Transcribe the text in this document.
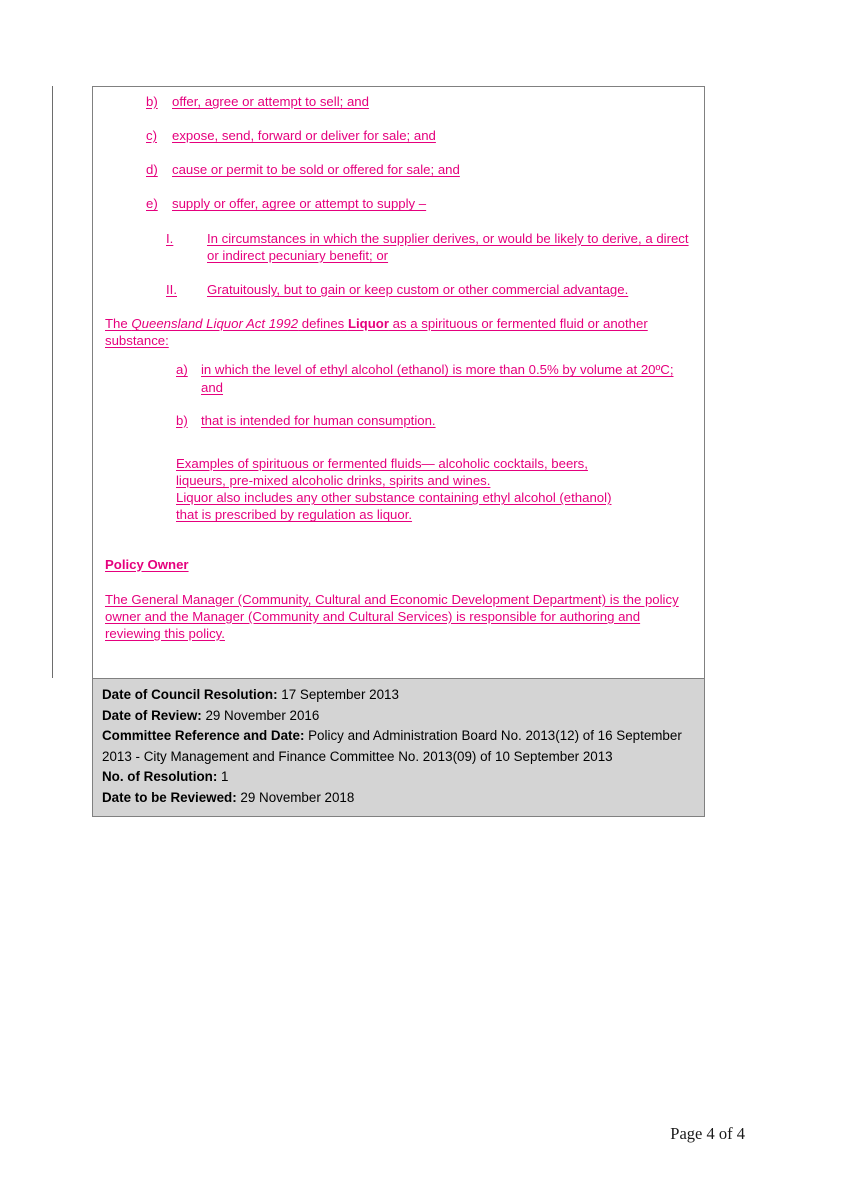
b)	offer, agree or attempt to sell; and
c)	expose, send, forward or deliver for sale; and
d)	cause or permit to be sold or offered for sale; and
e)	supply or offer, agree or attempt to supply –
I.	In circumstances in which the supplier derives, or would be likely to derive, a direct or indirect pecuniary benefit; or
II.	Gratuitously, but to gain or keep custom or other commercial advantage.
The Queensland Liquor Act 1992 defines Liquor as a spirituous or fermented fluid or another substance:
a)	in which the level of ethyl alcohol (ethanol) is more than 0.5% by volume at 20ºC; and
b)	that is intended for human consumption.
Examples of spirituous or fermented fluids— alcoholic cocktails, beers,
liqueurs, pre-mixed alcoholic drinks, spirits and wines.
Liquor also includes any other substance containing ethyl alcohol (ethanol)
that is prescribed by regulation as liquor.
Policy Owner
The General Manager (Community, Cultural and Economic Development Department) is the policy owner and the Manager (Community and Cultural Services) is responsible for authoring and reviewing this policy.
Date of Council Resolution: 17 September 2013
Date of Review: 29 November 2016
Committee Reference and Date: Policy and Administration Board No. 2013(12) of 16 September 2013 - City Management and Finance Committee No. 2013(09) of 10 September 2013
No. of Resolution: 1
Date to be Reviewed: 29 November 2018
Page 4 of 4
